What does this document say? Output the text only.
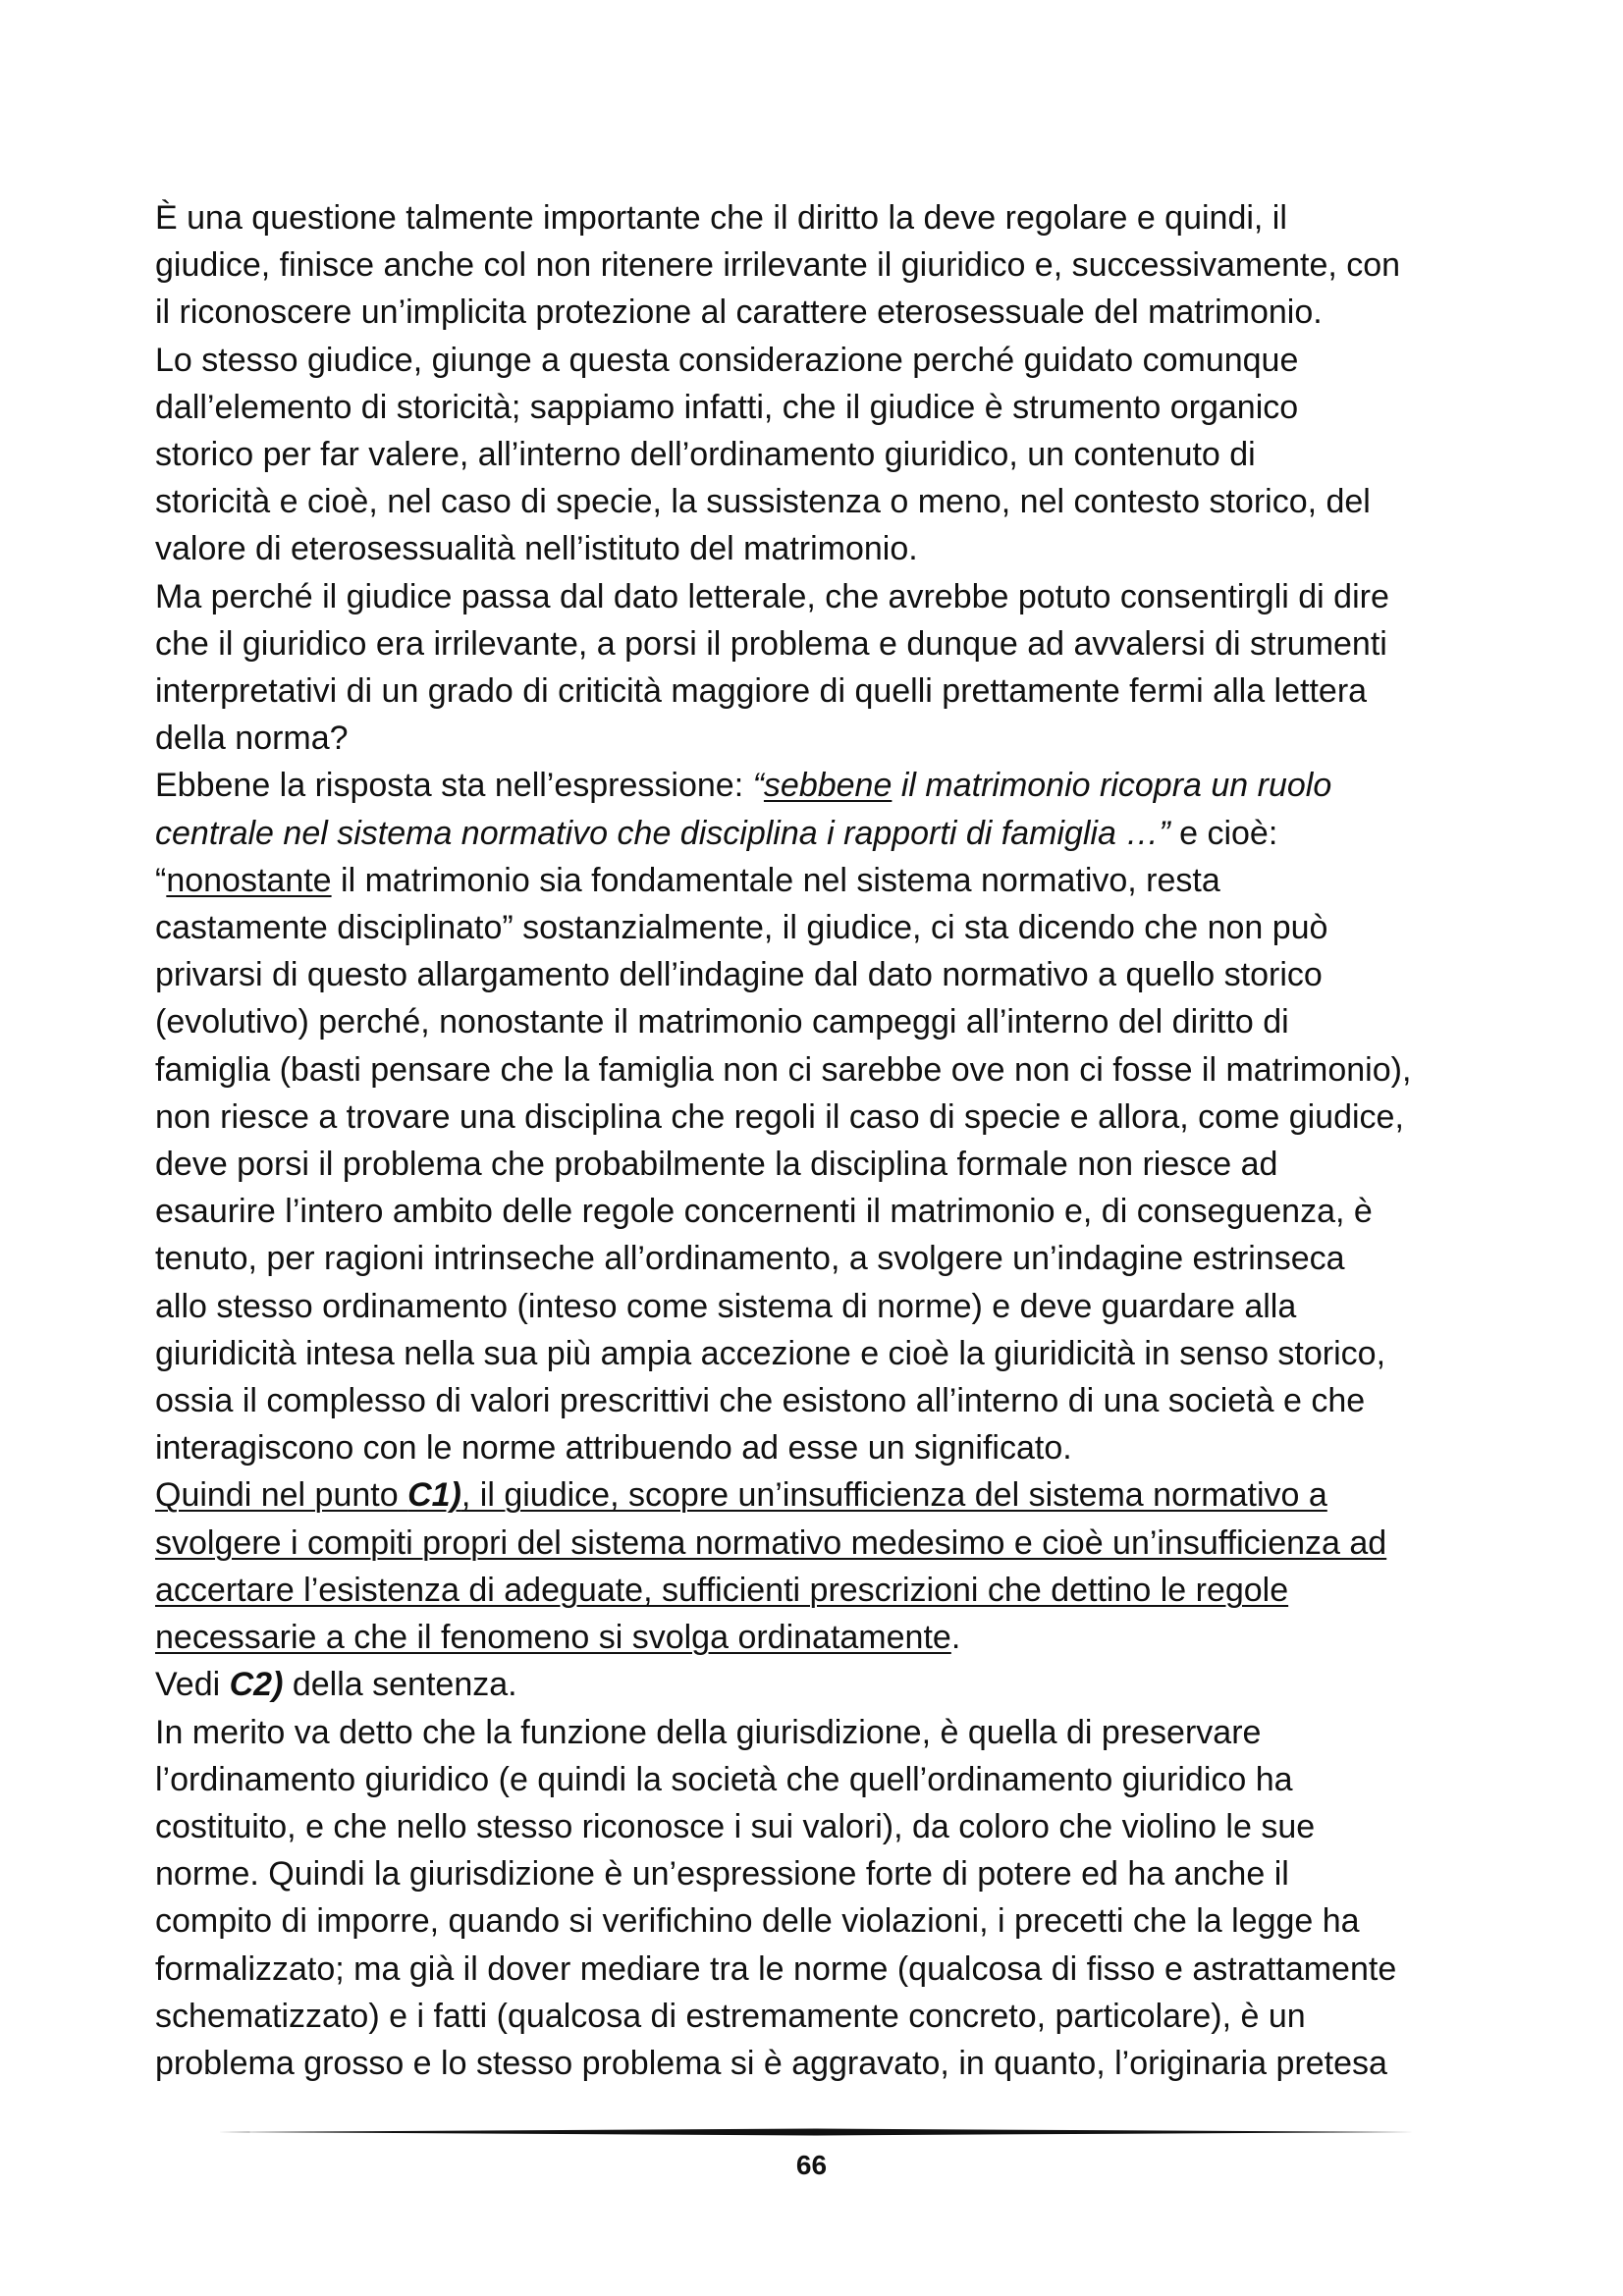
È una questione talmente importante che il diritto la deve regolare e quindi, il
giudice, finisce anche col non ritenere irrilevante il giuridico e, successivamente, con
il riconoscere un’implicita protezione al carattere eterosessuale del matrimonio.

Lo stesso giudice, giunge a questa considerazione perché guidato comunque
dall’elemento di storicità; sappiamo infatti, che il giudice è strumento organico
storico per far valere, all’interno dell’ordinamento giuridico, un contenuto di
storicità e cioè, nel caso di specie, la sussistenza o meno, nel contesto storico, del
valore di eterosessualità nell’istituto del matrimonio.

Ma perché il giudice passa dal dato letterale, che avrebbe potuto consentirgli di dire
che il giuridico era irrilevante, a porsi il problema e dunque ad avvalersi di strumenti
interpretativi di un grado di criticità maggiore di quelli prettamente fermi alla lettera
della norma?

Ebbene la risposta sta nell’espressione: “sebbene il matrimonio ricopra un ruolo
centrale nel sistema normativo che disciplina i rapporti di famiglia …” e cioè:
“nonostante il matrimonio sia fondamentale nel sistema normativo, resta
castamente disciplinato” sostanzialmente, il giudice, ci sta dicendo che non può
privarsi di questo allargamento dell’indagine dal dato normativo a quello storico
(evolutivo) perché, nonostante il matrimonio campeggi all’interno del diritto di
famiglia (basti pensare che la famiglia non ci sarebbe ove non ci fosse il matrimonio),
non riesce a trovare una disciplina che regoli il caso di specie e allora, come giudice,
deve porsi il problema che probabilmente la disciplina formale non riesce ad
esaurire l’intero ambito delle regole concernenti il matrimonio e, di conseguenza, è
tenuto, per ragioni intrinseche all’ordinamento, a svolgere un’indagine estrinseca
allo stesso ordinamento (inteso come sistema di norme) e deve guardare alla
giuridicità intesa nella sua più ampia accezione e cioè la giuridicità in senso storico,
ossia il complesso di valori prescrittivi che esistono all’interno di una società e che
interagiscono con le norme attribuendo ad esse un significato.

Quindi nel punto C1), il giudice, scopre un’insufficienza del sistema normativo a
svolgere i compiti propri del sistema normativo medesimo e cioè un’insufficienza ad
accertare l’esistenza di adeguate, sufficienti prescrizioni che dettino le regole
necessarie a che il fenomeno si svolga ordinatamente.

Vedi C2) della sentenza.

In merito va detto che la funzione della giurisdizione, è quella di preservare
l’ordinamento giuridico (e quindi la società che quell’ordinamento giuridico ha
costituito, e che nello stesso riconosce i sui valori), da coloro che violino le sue
norme. Quindi la giurisdizione è un’espressione forte di potere ed ha anche il
compito di imporre, quando si verifichino delle violazioni, i precetti che la legge ha
formalizzato; ma già il dover mediare tra le norme (qualcosa di fisso e astrattamente
schematizzato) e i fatti (qualcosa di estremamente concreto, particolare), è un
problema grosso e lo stesso problema si è aggravato, in quanto, l’originaria pretesa

66
